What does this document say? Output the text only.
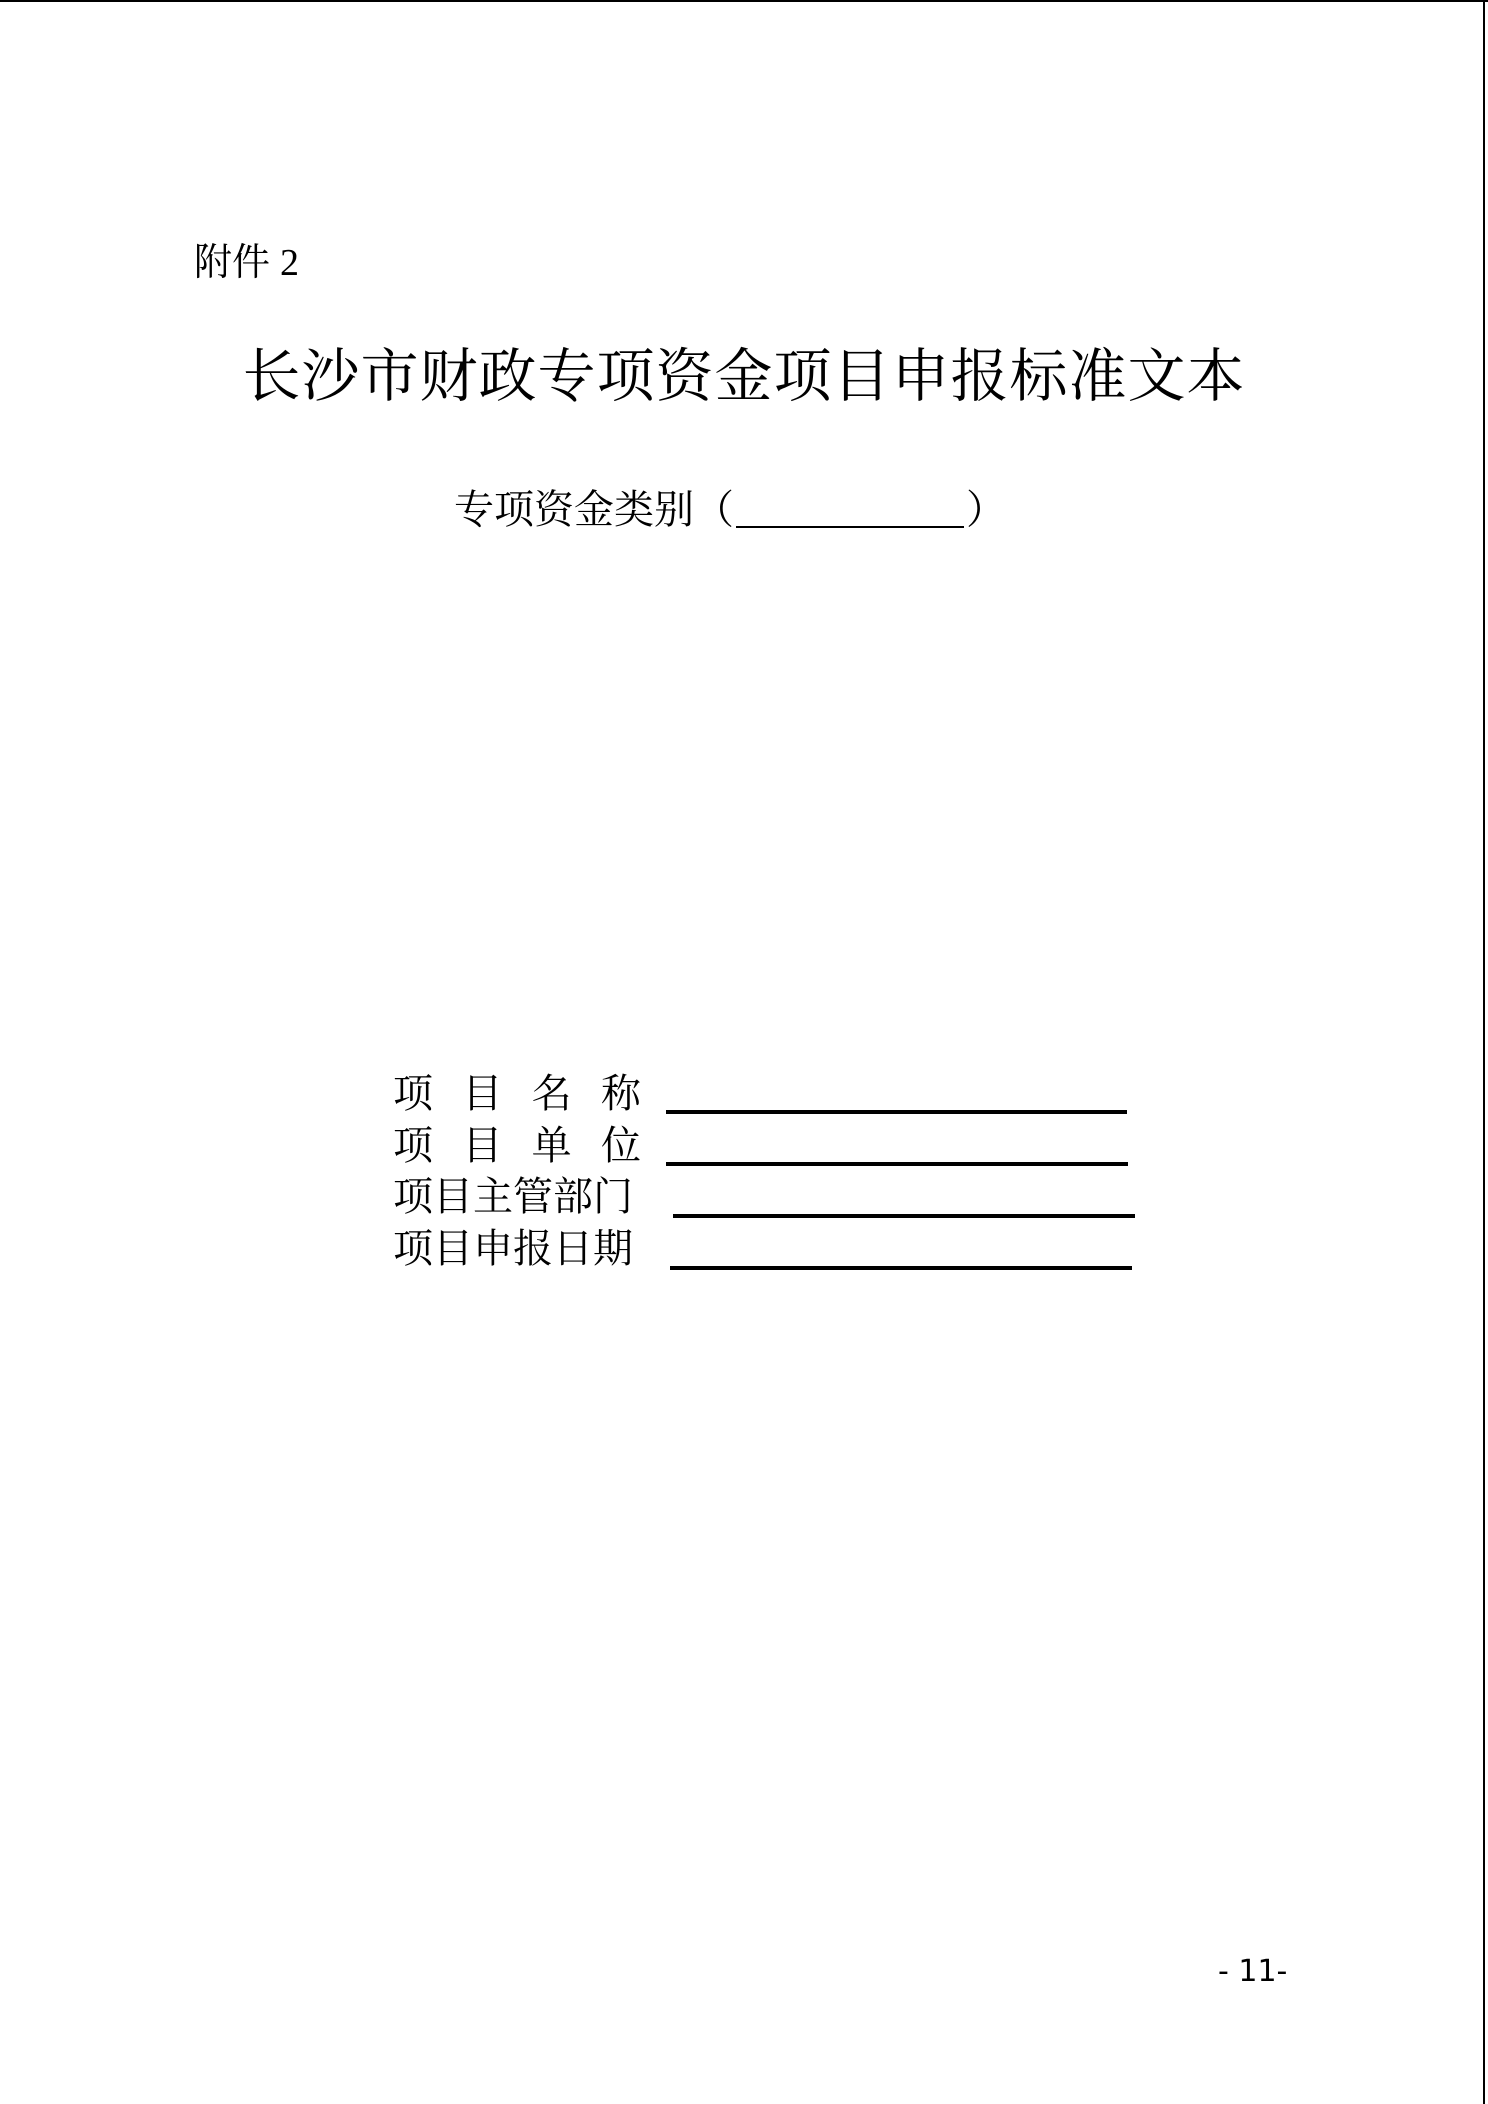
附件 2
长沙市财政专项资金项目申报标准文本
专项资金类别（	）
项 目 名 称
项 目 单 位
项目主管部门
项目申报日期
- 11-
